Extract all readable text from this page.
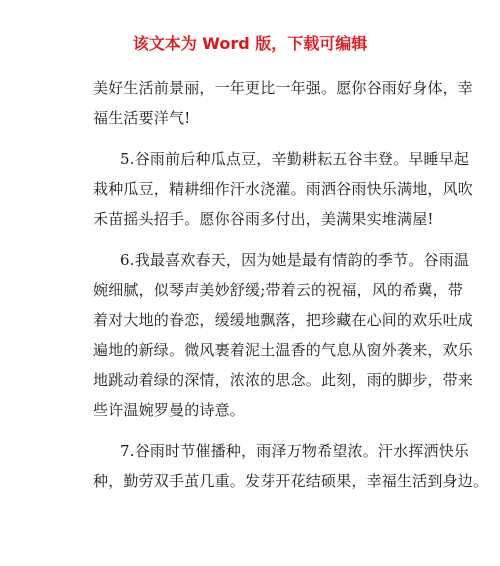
该文本为 Word 版，下载可编辑
美好生活前景丽，一年更比一年强。愿你谷雨好身体，幸
福生活要洋气!
5.谷雨前后种瓜点豆，辛勤耕耘五谷丰登。早睡早起
栽种瓜豆，精耕细作汗水浇灌。雨洒谷雨快乐满地，风吹
禾苗摇头招手。愿你谷雨多付出，美满果实堆满屋!
6.我最喜欢春天，因为她是最有情韵的季节。谷雨温
婉细腻，似琴声美妙舒缓;带着云的祝福，风的希冀，带
着对大地的眷恋，缓缓地飘落，把珍藏在心间的欢乐吐成
遍地的新绿。微风裹着泥土温香的气息从窗外袭来，欢乐
地跳动着绿的深情，浓浓的思念。此刻，雨的脚步，带来
些许温婉罗曼的诗意。
7.谷雨时节催播种，雨泽万物希望浓。汗水挥洒快乐
种，勤劳双手茧几重。发芽开花结硕果，幸福生活到身边。
